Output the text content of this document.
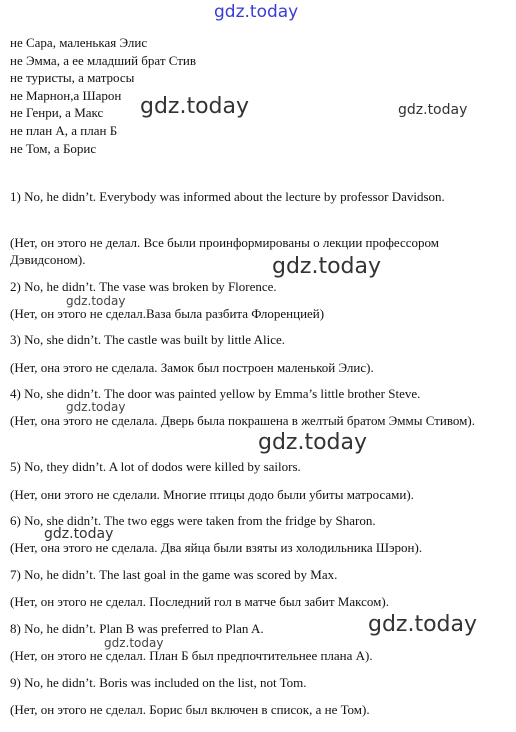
gdz.today
не Сара, маленькая Элис
не Эмма, а ее младший брат Стив
не туристы, а матросы
не Марнон,а Шарон
не Генри, а Макс
не план А, а план Б
не Том, а Борис

1) No, he didn’t. Everybody was informed about the lecture by professor Davidson.

(Нет, он этого не делал. Все были проинформированы о лекции профессором Дэвидсоном).

2) No, he didn’t. The vase was broken by Florence.

(Нет, он этого не сделал.Ваза была разбита Флоренцией)

3) No, she didn’t. The castle was built by little Alice.

(Нет, она этого не сделала. Замок был построен маленькой Элис).

4) No, she didn’t. The door was painted yellow by Emma’s little brother Steve.

(Нет, она этого не сделала. Дверь была покрашена в желтый братом Эммы Стивом).

5) No, they didn’t. A lot of dodos were killed by sailors.

(Нет, они этого не сделали. Многие птицы додо были убиты матросами).

6) No, she didn’t. The two eggs were taken from the fridge by Sharon.

(Нет, она этого не сделала. Два яйца были взяты из холодильника Шэрон).

7) No, he didn’t. The last goal in the game was scored by Max.

(Нет, он этого не сделал. Последний гол в матче был забит Максом).

8) No, he didn’t. Plan B was preferred to Plan A.

(Нет, он этого не сделал. План Б был предпочтительнее плана А).

9) No, he didn’t. Boris was included on the list, not Tom.

(Нет, он этого не сделал. Борис был включен в список, а не Том).

gdz.today	gdz.today
gdz.today
gdz.today
gdz.today
gdz.today
gdz.today
gdz.today
gdz.today
